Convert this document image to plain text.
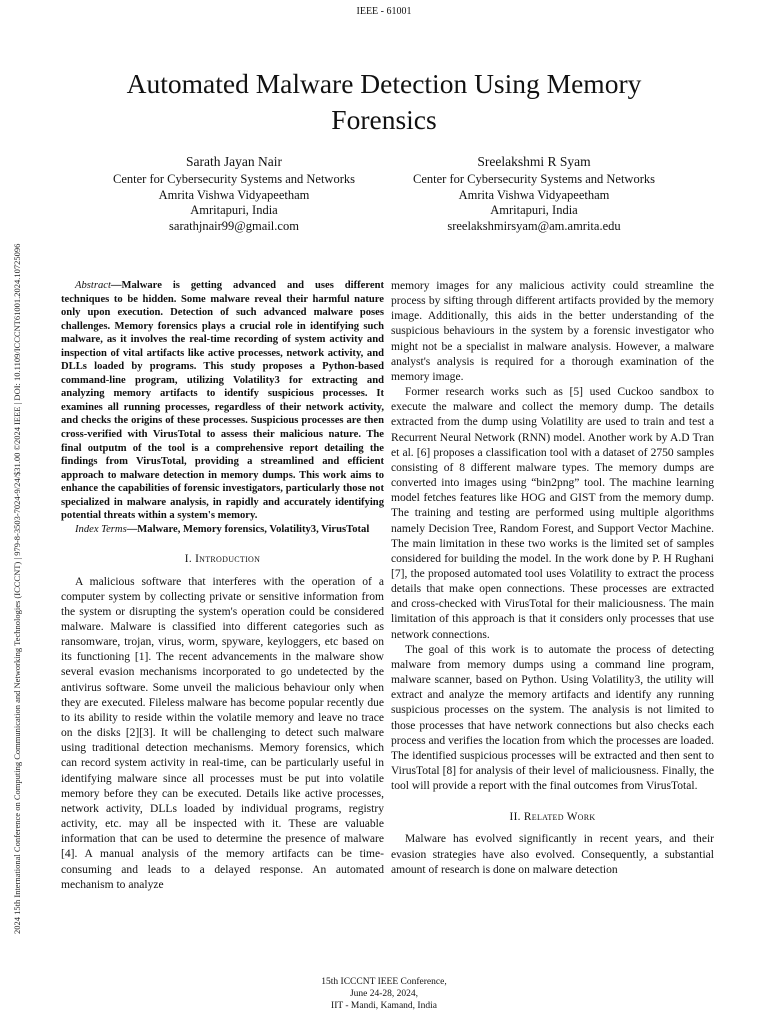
IEEE - 61001
2024 15th International Conference on Computing Communication and Networking Technologies (ICCCNT) | 979-8-3503-7024-9/24/$31.00 ©2024 IEEE | DOI: 10.1109/ICCCNT61001.2024.10725096
Automated Malware Detection Using Memory Forensics
Sarath Jayan Nair
Center for Cybersecurity Systems and Networks
Amrita Vishwa Vidyapeetham
Amritapuri, India
sarathjnair99@gmail.com
Sreelakshmi R Syam
Center for Cybersecurity Systems and Networks
Amrita Vishwa Vidyapeetham
Amritapuri, India
sreelakshmirsyam@am.amrita.edu

Abstract—Malware is getting advanced and uses different techniques to be hidden. Some malware reveal their harmful nature only upon execution. Detection of such advanced malware poses challenges. Memory forensics plays a crucial role in identifying such malware, as it involves the real-time recording of system activity and inspection of vital artifacts like active processes, network activity, and DLLs loaded by programs. This study proposes a Python-based command-line program, utilizing Volatility3 for extracting and analyzing memory artifacts to identify suspicious processes. It examines all running processes, regardless of their network activity, and checks the origins of these processes. Suspicious processes are then cross-verified with VirusTotal to assess their malicious nature. The final outputm of the tool is a comprehensive report detailing the findings from VirusTotal, providing a streamlined and efficient approach to malware detection in memory dumps. This work aims to enhance the capabilities of forensic investigators, particularly those not specialized in malware analysis, in rapidly and accurately identifying potential threats within a system's memory.

Index Terms—Malware, Memory forensics, Volatility3, VirusTotal

I. Introduction

A malicious software that interferes with the operation of a computer system by collecting private or sensitive information from the system or disrupting the system's operation could be considered malware. Malware is classified into different categories such as ransomware, trojan, virus, worm, spyware, keyloggers, etc based on its functioning [1]. The recent advancements in the malware show several evasion mechanisms incorporated to go undetected by the antivirus software. Some unveil the malicious behaviour only when they are executed. Fileless malware has become popular recently due to its ability to reside within the volatile memory and leave no trace on the disks [2][3]. It will be challenging to detect such malware using traditional detection mechanisms. Memory forensics, which can record system activity in real-time, can be particularly useful in identifying malware since all processes must be put into volatile memory before they can be executed. Details like active processes, network activity, DLLs loaded by individual programs, registry activity, etc. may all be inspected with it. These are valuable information that can be used to determine the presence of malware [4]. A manual analysis of the memory artifacts can be time-consuming and leads to a delayed response. An automated mechanism to analyze

memory images for any malicious activity could streamline the process by sifting through different artifacts provided by the memory image. Additionally, this aids in the better understanding of the suspicious behaviours in the system by a forensic investigator who might not be a specialist in malware analysis. However, a malware analyst's analysis is required for a thorough examination of the memory image.

Former research works such as [5] used Cuckoo sandbox to execute the malware and collect the memory dump. The details extracted from the dump using Volatility are used to train and test a Recurrent Neural Network (RNN) model. Another work by A.D Tran et al. [6] proposes a classification tool with a dataset of 2750 samples consisting of 8 different malware types. The memory dumps are converted into images using “bin2png” tool. The machine learning model fetches features like HOG and GIST from the memory dump. The training and testing are performed using multiple algorithms namely Decision Tree, Random Forest, and Support Vector Machine. The main limitation in these two works is the limited set of samples considered for building the model. In the work done by P. H Rughani [7], the proposed automated tool uses Volatility to extract the process details that make open connections. These processes are extracted and cross-checked with VirusTotal for their maliciousness. The main limitation of this approach is that it considers only processes that use network connections.

The goal of this work is to automate the process of detecting malware from memory dumps using a command line program, malware scanner, based on Python. Using Volatility3, the utility will extract and analyze the memory artifacts and identify any running suspicious processes on the system. The analysis is not limited to those processes that have network connections but also checks each process and verifies the location from which the processes are loaded. The identified suspicious processes will be extracted and then sent to VirusTotal [8] for analysis of their level of maliciousness. Finally, the tool will provide a report with the final outcomes from VirusTotal.

II. Related Work

Malware has evolved significantly in recent years, and their evasion strategies have also evolved. Consequently, a substantial amount of research is done on malware detection

15th ICCCNT IEEE Conference,
June 24-28, 2024,
IIT - Mandi, Kamand, India
